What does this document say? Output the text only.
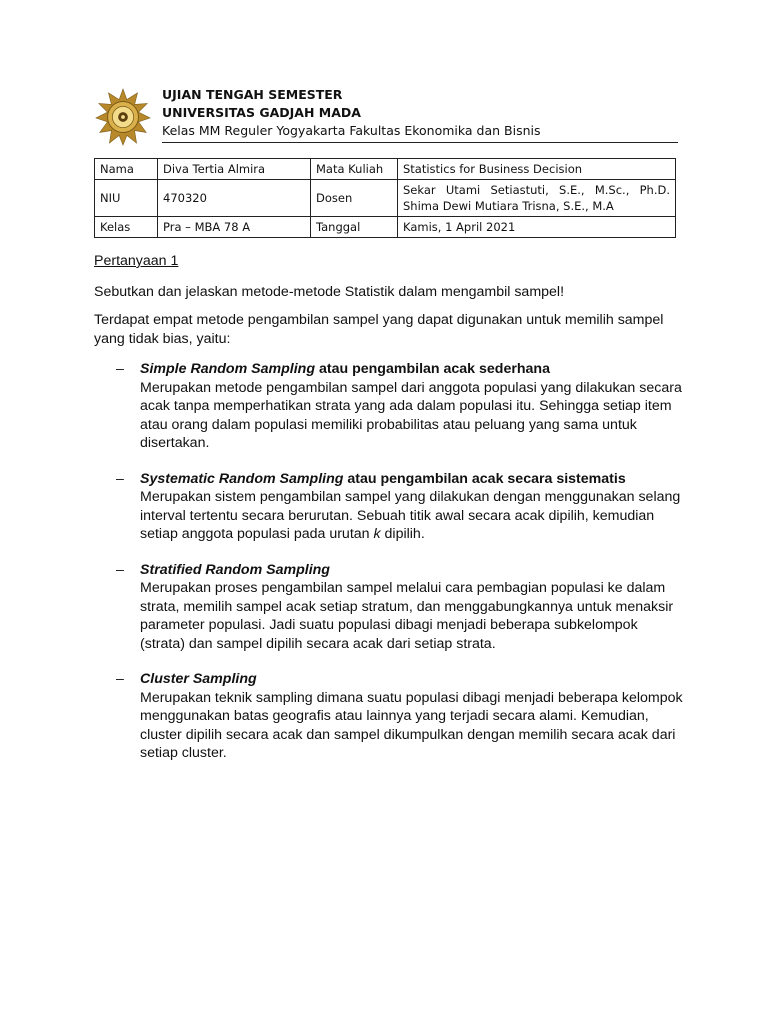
UJIAN TENGAH SEMESTER
UNIVERSITAS GADJAH MADA
Kelas MM Reguler Yogyakarta Fakultas Ekonomika dan Bisnis
Nama	Diva Tertia Almira	Mata Kuliah	Statistics for Business Decision
NIU	470320	Dosen	Sekar Utami Setiastuti, S.E., M.Sc., Ph.D.
Shima Dewi Mutiara Trisna, S.E., M.A

Kelas	Pra – MBA 78 A	Tanggal	Kamis, 1 April 2021

Pertanyaan 1

Sebutkan dan jelaskan metode-metode Statistik dalam mengambil sampel!

Terdapat empat metode pengambilan sampel yang dapat digunakan untuk memilih sampel yang tidak bias, yaitu:

– Simple Random Sampling atau pengambilan acak sederhana

Merupakan metode pengambilan sampel dari anggota populasi yang dilakukan secara acak tanpa memperhatikan strata yang ada dalam populasi itu. Sehingga setiap item atau orang dalam populasi memiliki probabilitas atau peluang yang sama untuk disertakan.

– Systematic Random Sampling atau pengambilan acak secara sistematis

Merupakan sistem pengambilan sampel yang dilakukan dengan menggunakan selang interval tertentu secara berurutan. Sebuah titik awal secara acak dipilih, kemudian setiap anggota populasi pada urutan k dipilih.

– Stratified Random Sampling

Merupakan proses pengambilan sampel melalui cara pembagian populasi ke dalam strata, memilih sampel acak setiap stratum, dan menggabungkannya untuk menaksir parameter populasi. Jadi suatu populasi dibagi menjadi beberapa subkelompok (strata) dan sampel dipilih secara acak dari setiap strata.

– Cluster Sampling

Merupakan teknik sampling dimana suatu populasi dibagi menjadi beberapa kelompok menggunakan batas geografis atau lainnya yang terjadi secara alami. Kemudian, cluster dipilih secara acak dan sampel dikumpulkan dengan memilih secara acak dari setiap cluster.
